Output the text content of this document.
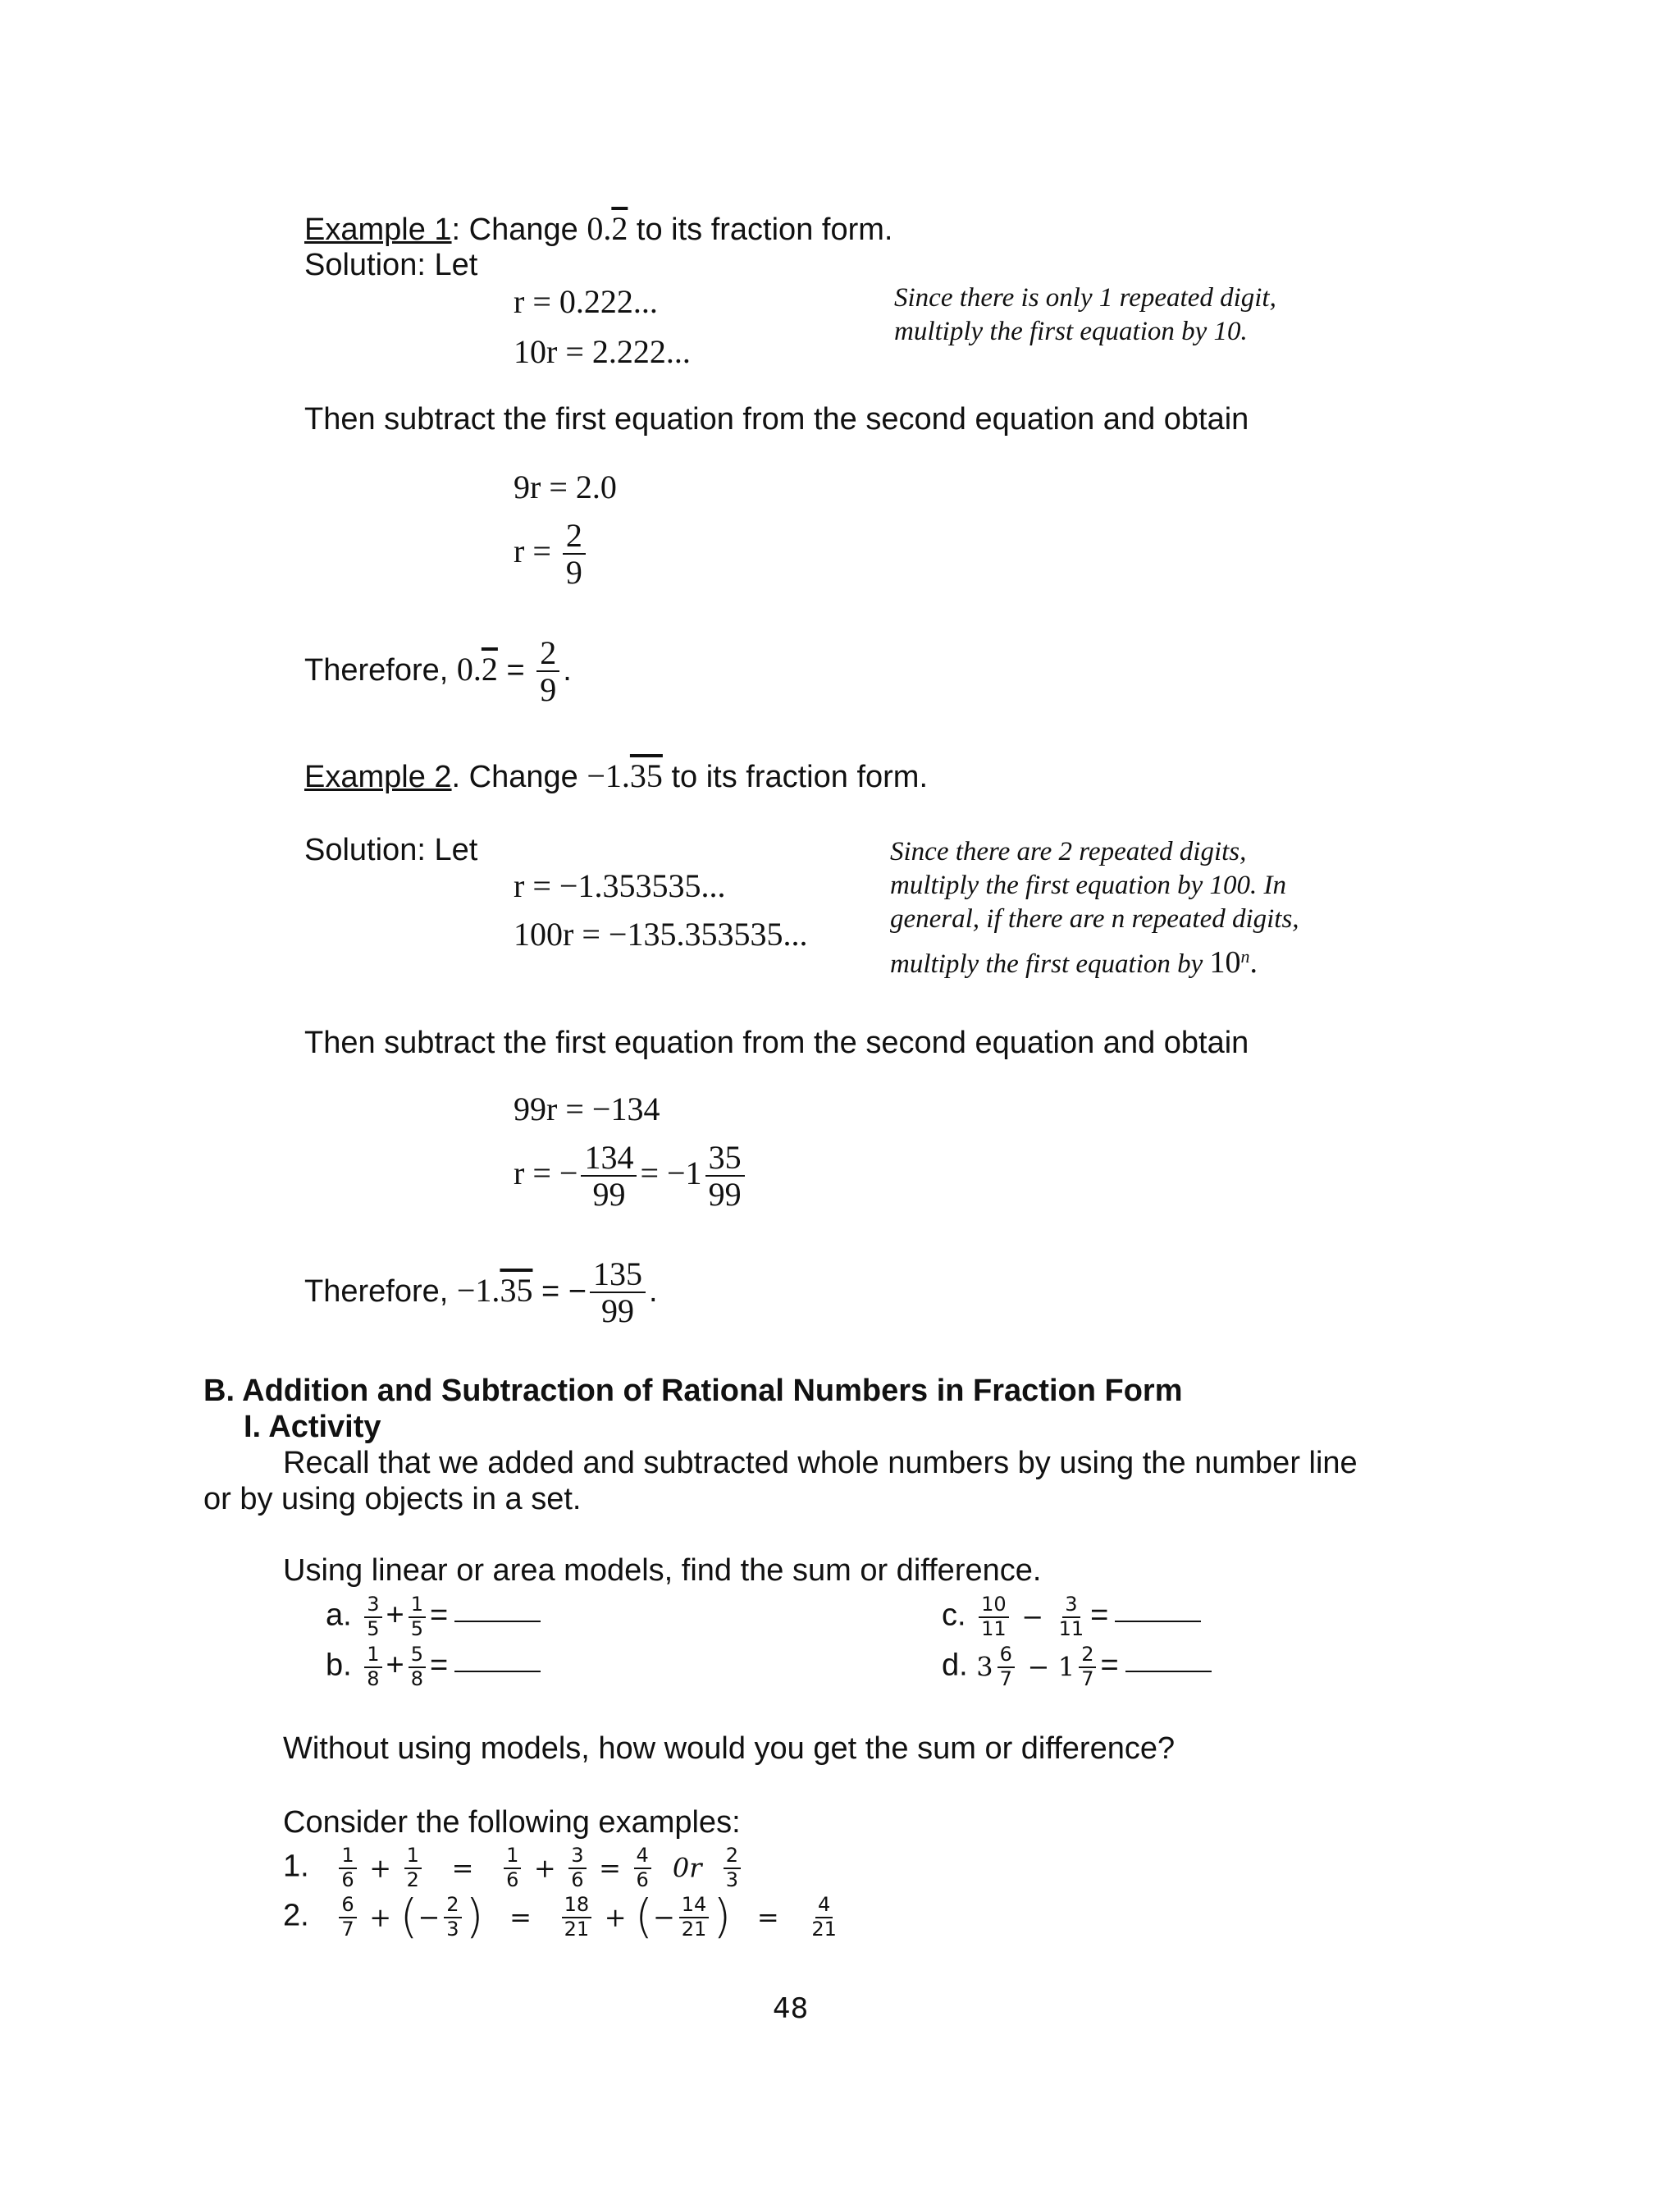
Example 1: Change 0.2 to its fraction form.
Solution: Let
r = 0.222...
10r = 2.222...
Since there is only 1 repeated digit,
multiply the first equation by 10.
Then subtract the first equation from the second equation and obtain
9r = 2.0
$r = \frac{2}{9}$
Therefore, $0.2 = \frac{2}{9}$ .
Example 2. Change −1.35 to its fraction form.
Solution: Let
r = −1.353535...
100r = −135.353535...
Since there are 2 repeated digits,
multiply the first equation by 100. In
general, if there are n repeated digits,
multiply the first equation by 10$^n$.
Then subtract the first equation from the second equation and obtain
99r = −134
r = − $\frac{134}{99} = -1 \frac{35}{99}$
Therefore, −1.35 = − $\frac{135}{99}$ .
B. Addition and Subtraction of Rational Numbers in Fraction Form
I. Activity
Recall that we added and subtracted whole numbers by using the number line
or by using objects in a set.
Using linear or area models, find the sum or difference.
a. $\frac{3}{5} + \frac{1}{5}$ =
b. $\frac{1}{8} + \frac{5}{8}$ =
c. $\frac{10}{11} - \frac{3}{11}$ =
d. $3 \frac{6}{7} - 1 \frac{2}{7}$ =
Without using models, how would you get the sum or difference?
Consider the following examples:
1. $\frac{1}{6} + \frac{1}{2} = \frac{1}{6} + \frac{3}{6} = \frac{4}{6} 0r \frac{2}{3}$
2. $\frac{6}{7}$ + (− $\frac{2}{3}$ ) = $\frac{18}{21}$ + (− $\frac{14}{21}$ ) = $\frac{4}{21}$
48
